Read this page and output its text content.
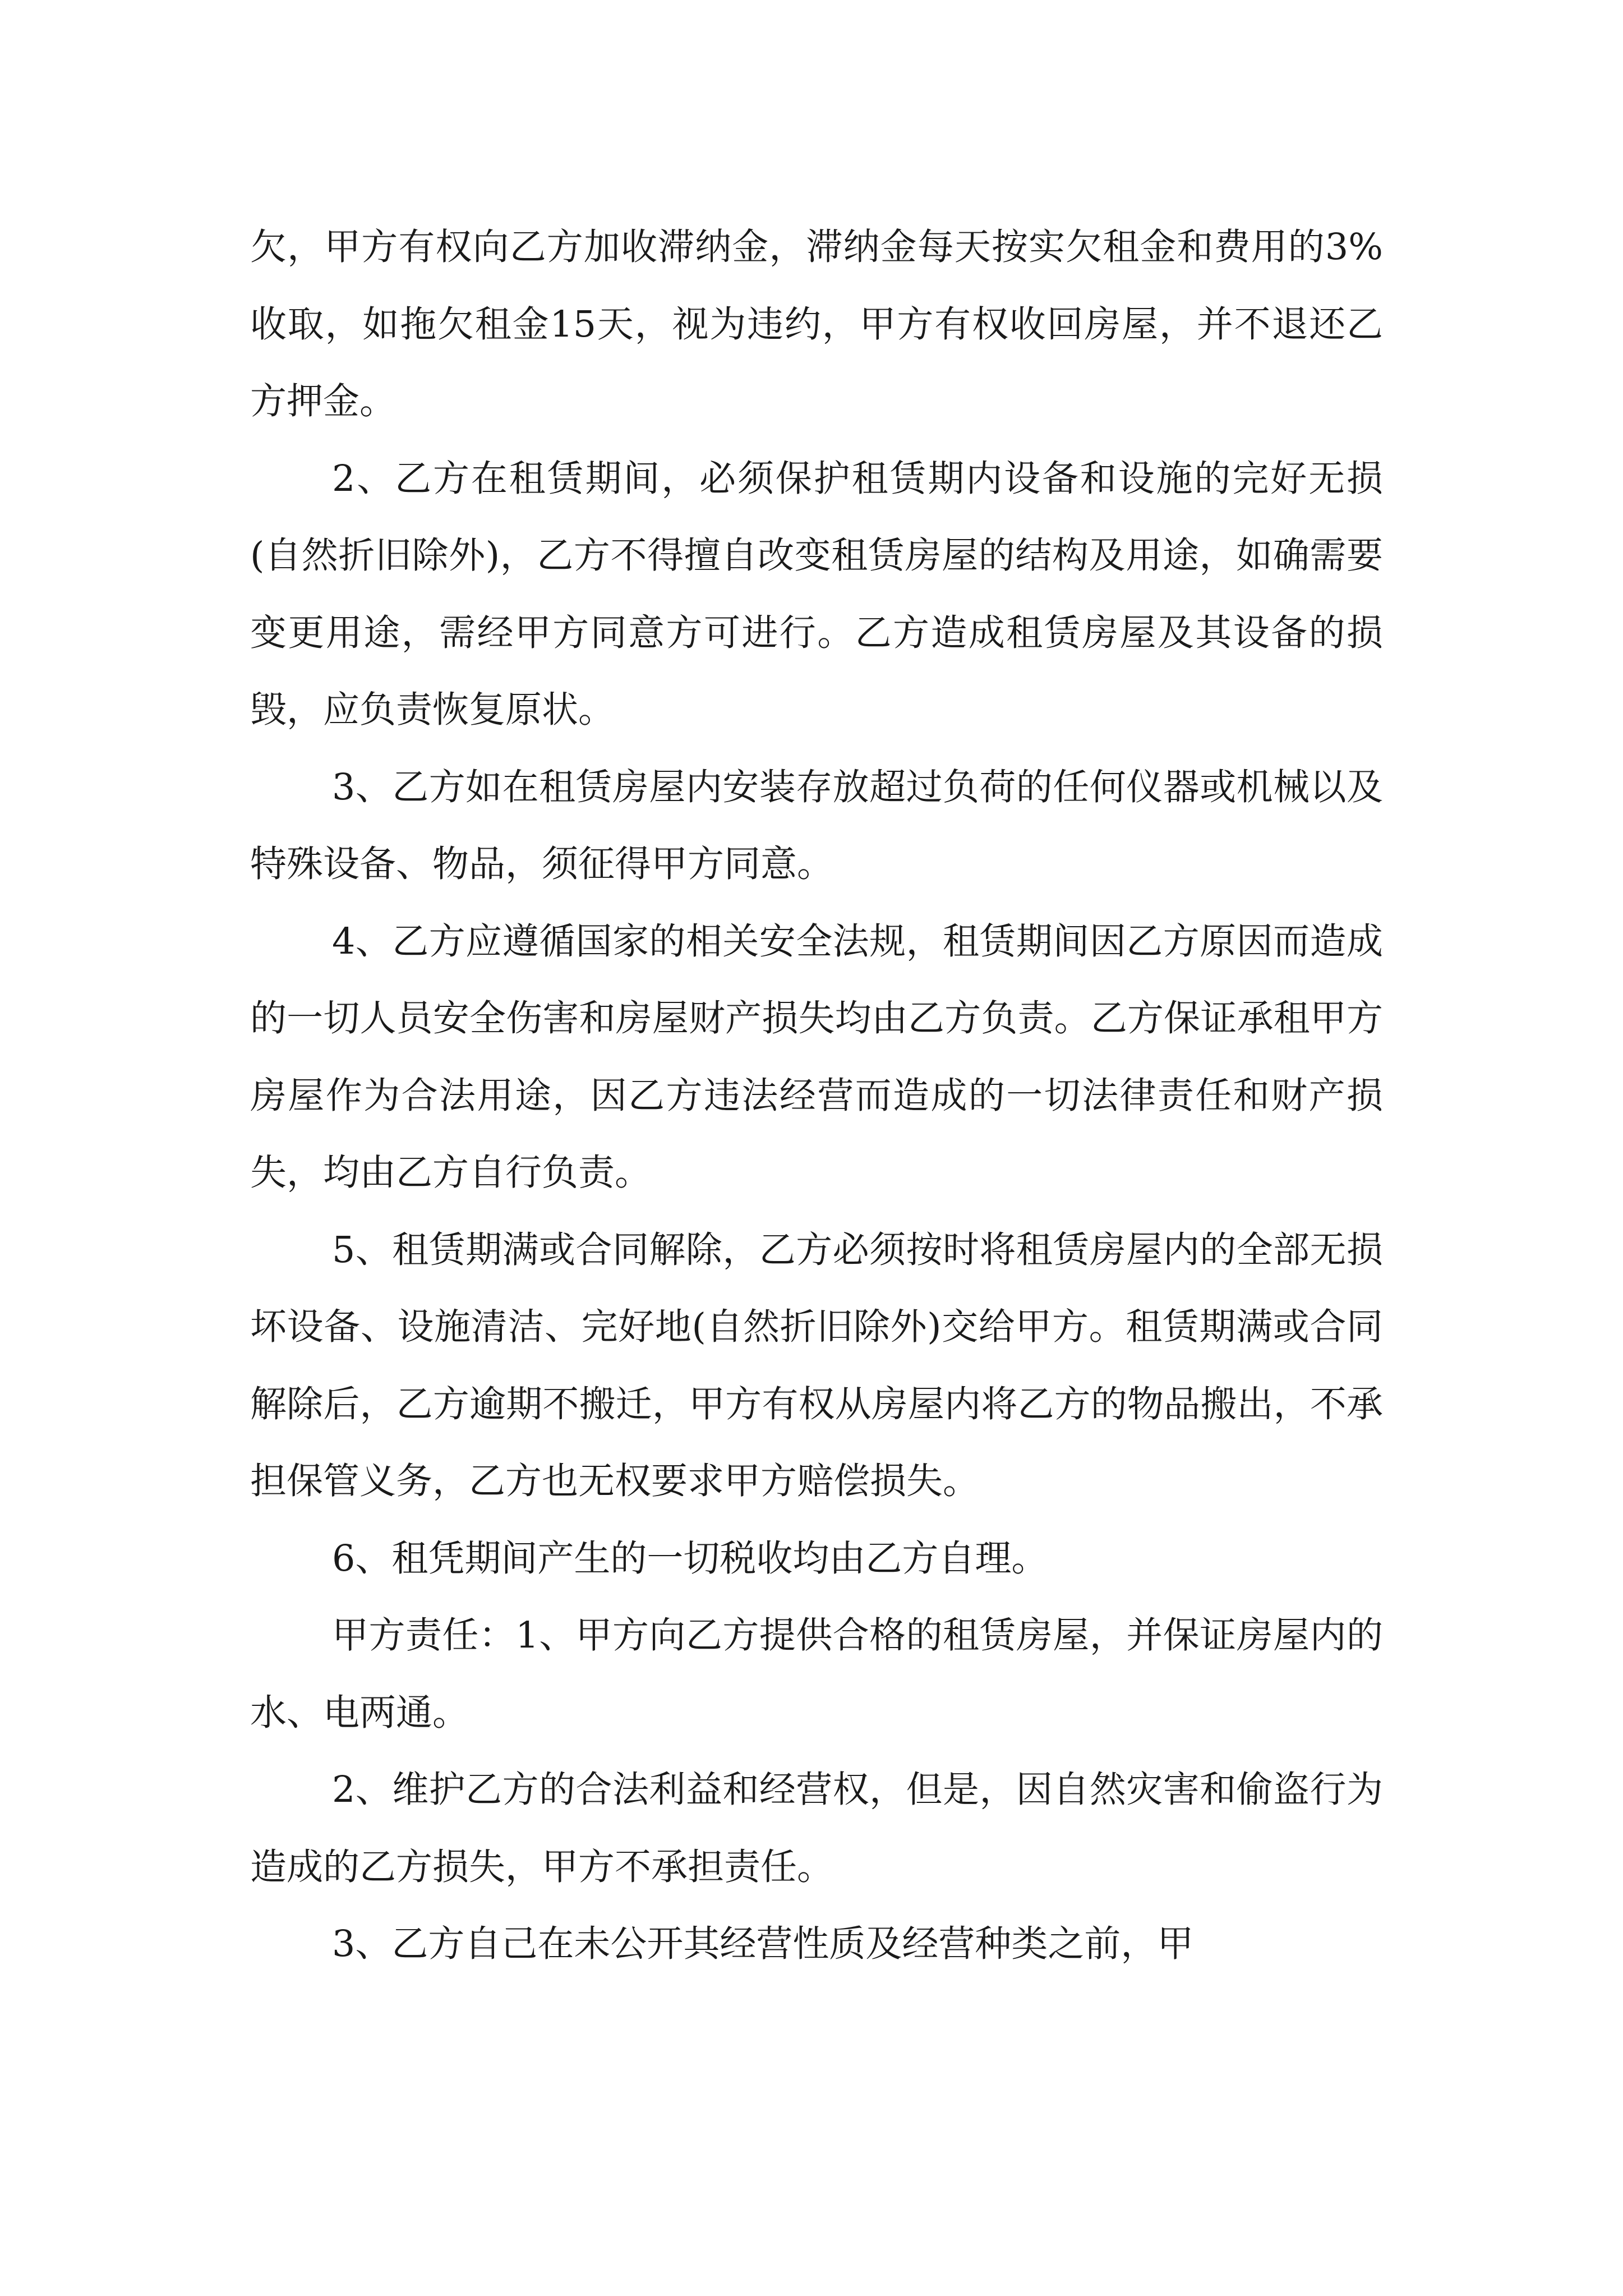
欠，甲方有权向乙方加收滞纳金，滞纳金每天按实欠租金和费用的3%收取，如拖欠租金15天，视为违约，甲方有权收回房屋，并不退还乙方押金。

2、乙方在租赁期间，必须保护租赁期内设备和设施的完好无损(自然折旧除外)，乙方不得擅自改变租赁房屋的结构及用途，如确需要变更用途，需经甲方同意方可进行。乙方造成租赁房屋及其设备的损毁，应负责恢复原状。

3、乙方如在租赁房屋内安装存放超过负荷的任何仪器或机械以及特殊设备、物品，须征得甲方同意。

4、乙方应遵循国家的相关安全法规，租赁期间因乙方原因而造成的一切人员安全伤害和房屋财产损失均由乙方负责。乙方保证承租甲方房屋作为合法用途，因乙方违法经营而造成的一切法律责任和财产损失，均由乙方自行负责。

5、租赁期满或合同解除，乙方必须按时将租赁房屋内的全部无损坏设备、设施清洁、完好地(自然折旧除外)交给甲方。租赁期满或合同解除后，乙方逾期不搬迁，甲方有权从房屋内将乙方的物品搬出，不承担保管义务，乙方也无权要求甲方赔偿损失。

6、租凭期间产生的一切税收均由乙方自理。

甲方责任：1、甲方向乙方提供合格的租赁房屋，并保证房屋内的水、电两通。

2、维护乙方的合法利益和经营权，但是，因自然灾害和偷盗行为造成的乙方损失，甲方不承担责任。

3、乙方自己在未公开其经营性质及经营种类之前，甲
